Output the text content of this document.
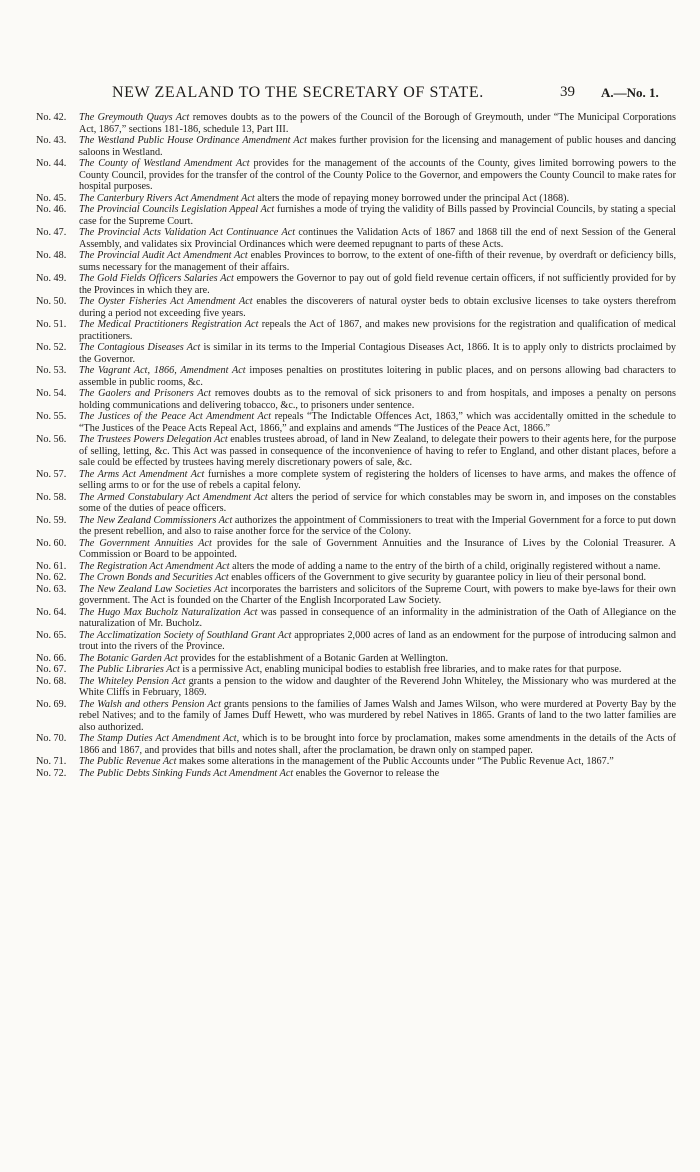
NEW ZEALAND TO THE SECRETARY OF STATE.	39 A.—No. 1.

No. 42. The Greymouth Quays Act removes doubts as to the powers of the Council of the Borough of Greymouth, under “The Municipal Corporations Act, 1867,” sections 181-186, schedule 13, Part III.

No. 43. The Westland Public House Ordinance Amendment Act makes further provision for the licensing and management of public houses and dancing saloons in Westland.

No. 44. The County of Westland Amendment Act provides for the management of the accounts of the County, gives limited borrowing powers to the County Council, provides for the transfer of the control of the County Police to the Governor, and empowers the County Council to make rates for hospital purposes.

No. 45. The Canterbury Rivers Act Amendment Act alters the mode of repaying money borrowed under the principal Act (1868).

No. 46. The Provincial Councils Legislation Appeal Act furnishes a mode of trying the validity of Bills passed by Provincial Councils, by stating a special case for the Supreme Court.

No. 47. The Provincial Acts Validation Act Continuance Act continues the Validation Acts of 1867 and 1868 till the end of next Session of the General Assembly, and validates six Provincial Ordinances which were deemed repugnant to parts of these Acts.

No. 48. The Provincial Audit Act Amendment Act enables Provinces to borrow, to the extent of one-fifth of their revenue, by overdraft or deficiency bills, sums necessary for the management of their affairs.

No. 49. The Gold Fields Officers Salaries Act empowers the Governor to pay out of gold field revenue certain officers, if not sufficiently provided for by the Provinces in which they are.

No. 50. The Oyster Fisheries Act Amendment Act enables the discoverers of natural oyster beds to obtain exclusive licenses to take oysters therefrom during a period not exceeding five years.

No. 51. The Medical Practitioners Registration Act repeals the Act of 1867, and makes new provisions for the registration and qualification of medical practitioners.

No. 52. The Contagious Diseases Act is similar in its terms to the Imperial Contagious Diseases Act, 1866. It is to apply only to districts proclaimed by the Governor.

No. 53. The Vagrant Act, 1866, Amendment Act imposes penalties on prostitutes loitering in public places, and on persons allowing bad characters to assemble in public rooms, &c.

No. 54. The Gaolers and Prisoners Act removes doubts as to the removal of sick prisoners to and from hospitals, and imposes a penalty on persons holding communications and delivering tobacco, &c., to prisoners under sentence.

No. 55. The Justices of the Peace Act Amendment Act repeals “The Indictable Offences Act, 1863,” which was accidentally omitted in the schedule to “The Justices of the Peace Acts Repeal Act, 1866,” and explains and amends “The Justices of the Peace Act, 1866.”

No. 56. The Trustees Powers Delegation Act enables trustees abroad, of land in New Zealand, to delegate their powers to their agents here, for the purpose of selling, letting, &c. This Act was passed in consequence of the inconvenience of having to refer to England, and other distant places, before a sale could be effected by trustees having merely discretionary powers of sale, &c.

No. 57. The Arms Act Amendment Act furnishes a more complete system of registering the holders of licenses to have arms, and makes the offence of selling arms to or for the use of rebels a capital felony.

No. 58. The Armed Constabulary Act Amendment Act alters the period of service for which constables may be sworn in, and imposes on the constables some of the duties of peace officers.

No. 59. The New Zealand Commissioners Act authorizes the appointment of Commissioners to treat with the Imperial Government for a force to put down the present rebellion, and also to raise another force for the service of the Colony.

No. 60. The Government Annuities Act provides for the sale of Government Annuities and the Insurance of Lives by the Colonial Treasurer. A Commission or Board to be appointed.

No. 61. The Registration Act Amendment Act alters the mode of adding a name to the entry of the birth of a child, originally registered without a name.

No. 62. The Crown Bonds and Securities Act enables officers of the Government to give security by guarantee policy in lieu of their personal bond.

No. 63. The New Zealand Law Societies Act incorporates the barristers and solicitors of the Supreme Court, with powers to make bye-laws for their own government. The Act is founded on the Charter of the English Incorporated Law Society.

No. 64. The Hugo Max Bucholz Naturalization Act was passed in consequence of an informality in the administration of the Oath of Allegiance on the naturalization of Mr. Bucholz.

No. 65. The Acclimatization Society of Southland Grant Act appropriates 2,000 acres of land as an endowment for the purpose of introducing salmon and trout into the rivers of the Province.

No. 66. The Botanic Garden Act provides for the establishment of a Botanic Garden at Wellington.

No. 67. The Public Libraries Act is a permissive Act, enabling municipal bodies to establish free libraries, and to make rates for that purpose.

No. 68. The Whiteley Pension Act grants a pension to the widow and daughter of the Reverend John Whiteley, the Missionary who was murdered at the White Cliffs in February, 1869.

No. 69. The Walsh and others Pension Act grants pensions to the families of James Walsh and James Wilson, who were murdered at Poverty Bay by the rebel Natives; and to the family of James Duff Hewett, who was murdered by rebel Natives in 1865. Grants of land to the two latter families are also authorized.

No. 70. The Stamp Duties Act Amendment Act, which is to be brought into force by proclamation, makes some amendments in the details of the Acts of 1866 and 1867, and provides that bills and notes shall, after the proclamation, be drawn only on stamped paper.

No. 71. The Public Revenue Act makes some alterations in the management of the Public Accounts under “The Public Revenue Act, 1867.”

No. 72. The Public Debts Sinking Funds Act Amendment Act enables the Governor to release the
